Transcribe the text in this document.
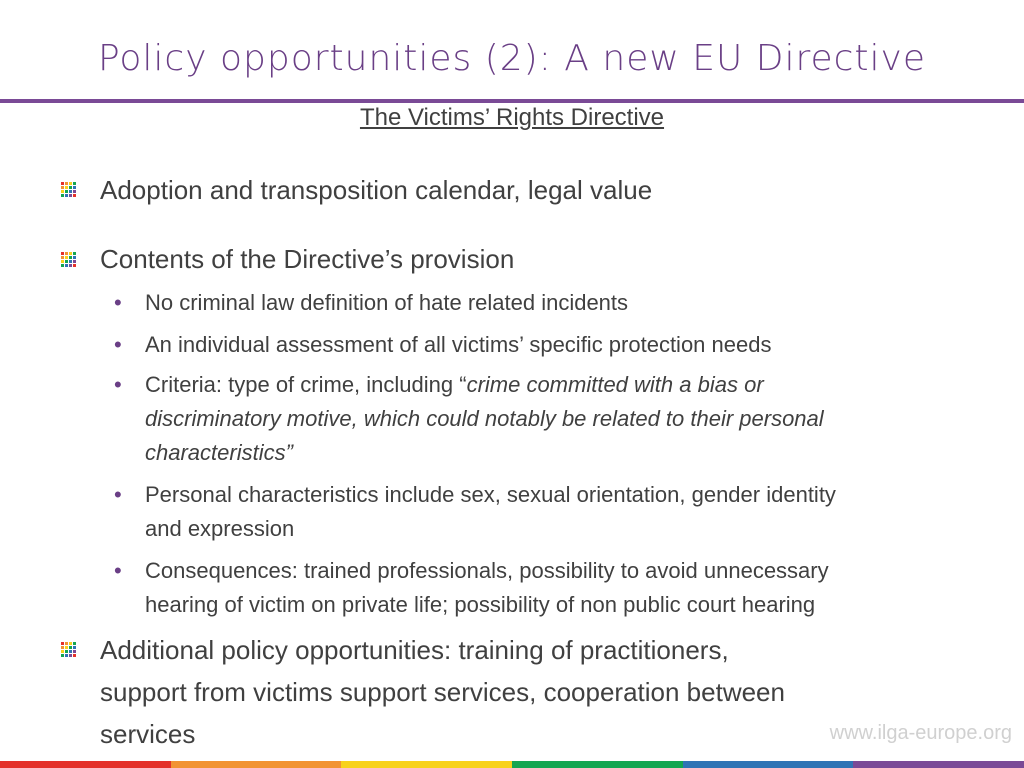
Policy opportunities (2): A new EU Directive
The Victims’ Rights Directive
Adoption and transposition calendar, legal value
Contents of the Directive’s provision
• No criminal law definition of hate related incidents
• An individual assessment of all victims’ specific protection needs
• Criteria: type of crime, including “crime committed with a bias or
discriminatory motive, which could notably be related to their personal
characteristics”
• Personal characteristics include sex, sexual orientation, gender identity
and expression
• Consequences: trained professionals, possibility to avoid unnecessary
hearing of victim on private life; possibility of non public court hearing
Additional policy opportunities: training of practitioners,
support from victims support services, cooperation between
services	www.ilga-europe.org
